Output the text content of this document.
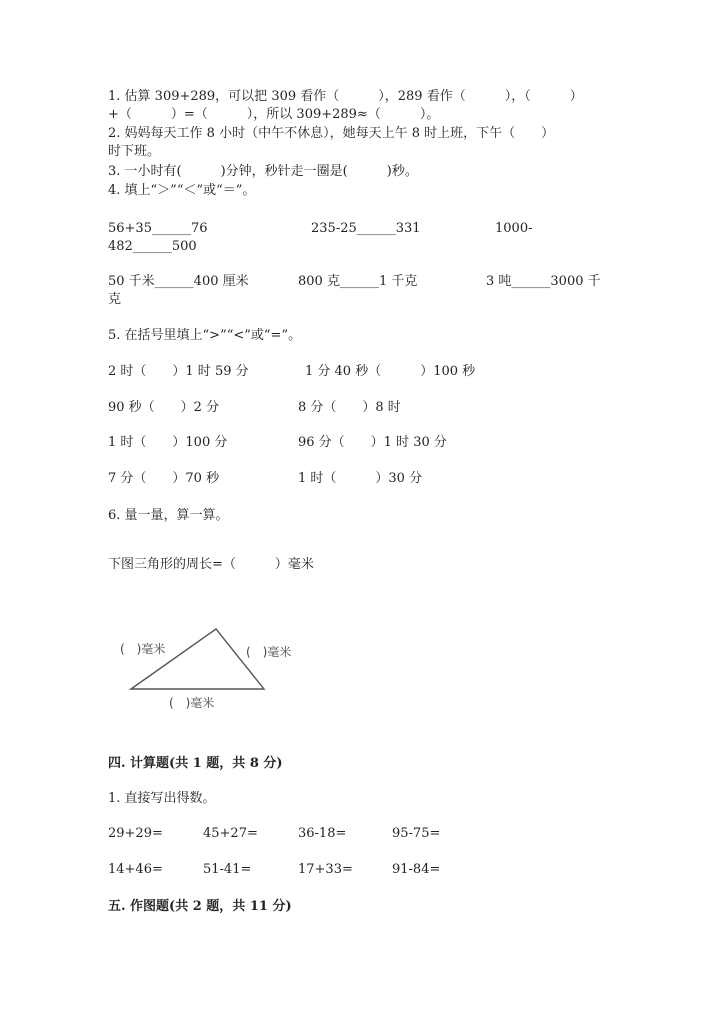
1. 估算 309+289，可以把 309 看作（　　　），289 看作（　　　），（　　　）
+（　　　）=（　　　），所以 309+289≈（　　　）。
2. 妈妈每天工作 8 小时（中午不休息），她每天上午 8 时上班，下午（　　）
时下班。
3. 一小时有(　　　)分钟，秒针走一圈是(　　　)秒。
4. 填上“＞”“＜”或“＝”。
56+35______76	235-25______331	1000-
482______500
50 千米______400 厘米	800 克______1 千克	3 吨______3000 千
克
5. 在括号里填上“>”“<”或“=”。
2 时（　　）1 时 59 分	1 分 40 秒（　　　）100 秒
90 秒（　　）2 分	8 分（　　）8 时
1 时（　　）100 分	96 分（　　）1 时 30 分
7 分（　　）70 秒	1 时（　　　）30 分
6. 量一量，算一算。
下图三角形的周长=（　　　）毫米
(　)毫米	(　)毫米
(　)毫米
四. 计算题(共 1 题，共 8 分)
1. 直接写出得数。
29+29=	45+27=	36-18=	95-75=
14+46=	51-41=	17+33=	91-84=
五. 作图题(共 2 题，共 11 分)
